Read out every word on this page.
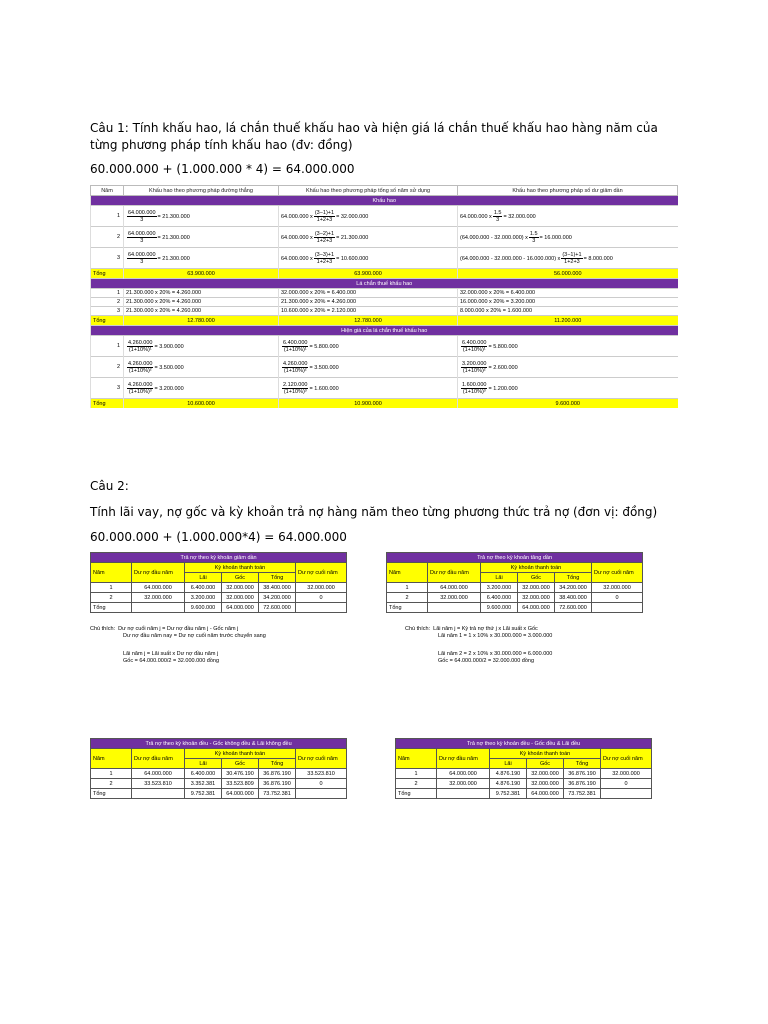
Câu 1: Tính khấu hao, lá chắn thuế khấu hao và hiện giá lá chắn thuế khấu hao hàng năm của từng phương pháp tính khấu hao (đv: đồng)
60.000.000 + (1.000.000 * 4) = 64.000.000
Năm	Khấu hao theo phương pháp đường thẳng	Khấu hao theo phương pháp tổng số năm sử dụng	Khấu hao theo phương pháp số dư giảm dần
Khấu hao			
1	$\frac{64.000.000}{3} = 21.300.000$	64.000.000 x $\frac{(3-1)+1}{1+2+3} = 32.000.000$	64.000.000 x $\frac{1.5}{3} = 32.000.000$
2	$\frac{64.000.000}{3} = 21.300.000$	64.000.000 x $\frac{(3-2)+1}{1+2+3} = 21.300.000$	(64.000.000 - 32.000.000) x $\frac{1.5}{3} = 16.000.000$
3	$\frac{64.000.000}{3} = 21.300.000$	64.000.000 x $\frac{(3-3)+1}{1+2+3} = 10.600.000$	(64.000.000 - 32.000.000 - 16.000.000) x $\frac{(3-1)+1}{1+2+3} = 8.000.000$
Tổng	63.900.000	63.900.000	56.000.000
Lá chắn thuế khấu hao			
1	21.300.000 x 20% = 4.260.000	32.000.000 x 20% = 6.400.000	32.000.000 x 20% = 6.400.000
2	21.300.000 x 20% = 4.260.000	21.300.000 x 20% = 4.260.000	16.000.000 x 20% = 3.200.000
3	21.300.000 x 20% = 4.260.000	10.600.000 x 20% = 2.120.000	8.000.000 x 20% = 1.600.000
Tổng	12.780.000	12.780.000	11.200.000
Hiện giá của lá chắn thuế khấu hao			
1	$\frac{4.260.000}{\text{(1+10\%)¹}} = 3.900.000$	$\frac{6.400.000}{\text{(1+10\%)¹}} = 5.800.000$	$\frac{6.400.000}{\text{(1+10\%)¹}} = 5.800.000$
2	$\frac{4.260.000}{\text{(1+10\%)²}} = 3.500.000$	$\frac{4.260.000}{\text{(1+10\%)²}} = 3.500.000$	$\frac{3.200.000}{\text{(1+10\%)²}} = 2.600.000$
3	$\frac{4.260.000}{\text{(1+10\%)³}} = 3.200.000$	$\frac{2.120.000}{\text{(1+10\%)³}} = 1.600.000$	$\frac{1.600.000}{\text{(1+10\%)³}} = 1.200.000$
Tổng	10.600.000	10.900.000	9.600.000
Câu 2:
Tính lãi vay, nợ gốc và kỳ khoản trả nợ hàng năm theo từng phương thức trả nợ (đơn vị: đồng)
60.000.000 + (1.000.000*4) = 64.000.000
Trả nợ theo kỳ khoản giảm dần					
Năm	Dư nợ đầu năm	Kỳ khoản thanh toán			Dư nợ cuối năm
		Lãi	Gốc	Tổng	
1	64.000.000	6.400.000	32.000.000	38.400.000	32.000.000
2	32.000.000	3.200.000	32.000.000	34.200.000	0
Tổng		9.600.000	64.000.000	72.600.000	
Trả nợ theo kỳ khoản tăng dần					
Năm	Dư nợ đầu năm	Kỳ khoản thanh toán			Dư nợ cuối năm
		Lãi	Gốc	Tổng	
1	64.000.000	3.200.000	32.000.000	34.200.000	32.000.000
2	32.000.000	6.400.000	32.000.000	38.400.000	0
Tổng		9.600.000	64.000.000	72.600.000	
Trả nợ theo kỳ khoản đều - Gốc không đều & Lãi không đều					
Năm	Dư nợ đầu năm	Kỳ khoản thanh toán			Dư nợ cuối năm
		Lãi	Gốc	Tổng	
1	64.000.000	6.400.000	30.476.190	36.876.190	33.523.810
2	33.523.810	3.352.381	33.523.809	36.876.190	0
Tổng		9.752.381	64.000.000	73.752.381	
Trả nợ theo kỳ khoản đều - Gốc đều & Lãi đều					
Năm	Dư nợ đầu năm	Kỳ khoản thanh toán			Dư nợ cuối năm
		Lãi	Gốc	Tổng	
1	64.000.000	4.876.190	32.000.000	36.876.190	32.000.000
2	32.000.000	4.876.190	32.000.000	36.876.190	0
Tổng		9.752.381	64.000.000	73.752.381	
Chú thích: Dư nợ cuối năm j = Dư nợ đầu năm j - Gốc năm j
Dư nợ đầu năm nay = Dư nợ cuối năm trước chuyển sang
Lãi năm j = Lãi suất x Dư nợ đầu năm j
Gốc = 64.000.000/2 = 32.000.000 đồng
Chú thích: Lãi năm j = Kỳ trả nợ thứ j x Lãi suất x Gốc
Lãi năm 1 = 1 x 10% x 30.000.000 = 3.000.000
Lãi năm 2 = 2 x 10% x 30.000.000 = 6.000.000
Gốc = 64.000.000/2 = 32.000.000 đồng
